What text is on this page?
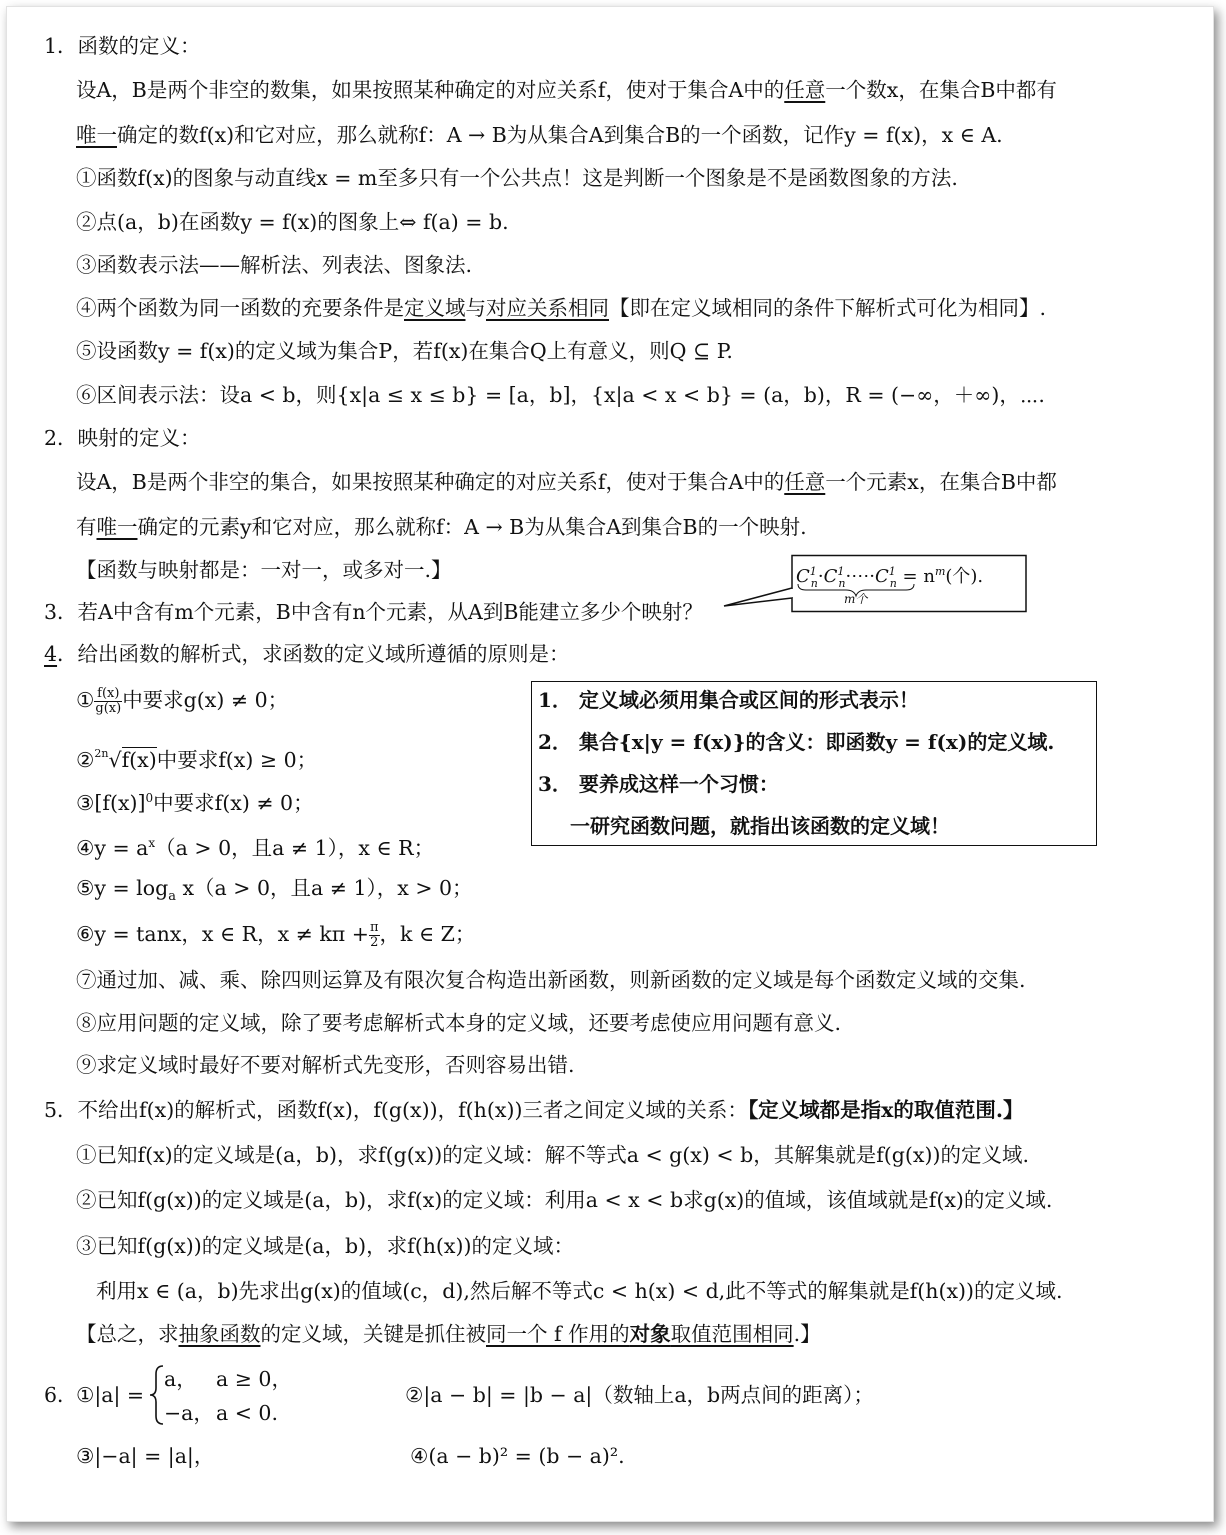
1．函数的定义：
设A，B是两个非空的数集，如果按照某种确定的对应关系f，使对于集合A中的任意一个数x，在集合B中都有
唯一确定的数f(x)和它对应，那么就称f：A → B为从集合A到集合B的一个函数，记作y = f(x)，x ∈ A.
①函数f(x)的图象与动直线x = m至多只有一个公共点！这是判断一个图象是不是函数图象的方法.
②点(a，b)在函数y = f(x)的图象上⇔ f(a) = b.
③函数表示法——解析法、列表法、图象法.
④两个函数为同一函数的充要条件是定义域与对应关系相同【即在定义域相同的条件下解析式可化为相同】.
⑤设函数y = f(x)的定义域为集合P，若f(x)在集合Q上有意义，则Q ⊆ P.
⑥区间表示法：设a < b，则{x|a ≤ x ≤ b} = [a，b]，{x|a < x < b} = (a，b)，R = (−∞，＋∞)，⋯.
2．映射的定义：
设A，B是两个非空的集合，如果按照某种确定的对应关系f，使对于集合A中的任意一个元素x，在集合B中都
有唯一确定的元素y和它对应，那么就称f：A → B为从集合A到集合B的一个映射.
【函数与映射都是：一对一，或多对一.】
3．若A中含有m个元素，B中含有n个元素，从A到B能建立多少个映射？
$C^1_n\cdot C^1_n\cdot\cdots\cdot C^1_n = n^m$(个).
m个
4．给出函数的解析式，求函数的定义域所遵循的原则是：
① $\frac{f(x)}{g(x)}$ 中要求g(x) ≠ 0；
②$^{2n}$√f(x)中要求f(x) ≥ 0；
$③[f(x)]^0$中要求f(x) ≠ 0；
④y = $a^x(a > 0$，且a ≠ 1），x ∈ R；
⑤y = $\log_a x(a > 0$，且a ≠ 1），x > 0；
⑥y = tanx，x ∈ R，$x \ne k\pi + \frac{\pi}{2}$ ，k ∈ Z；
⑦通过加、减、乘、除四则运算及有限次复合构造出新函数，则新函数的定义域是每个函数定义域的交集.
⑧应用问题的定义域，除了要考虑解析式本身的定义域，还要考虑使应用问题有意义.
⑨求定义域时最好不要对解析式先变形，否则容易出错.
1． 定义域必须用集合或区间的形式表示！
2． 集合{x|y = f(x)}的含义：即函数y = f(x)的定义域.
3． 要养成这样一个习惯：
一研究函数问题，就指出该函数的定义域！
5．不给出f(x)的解析式，函数f(x)，f(g(x))，f(h(x))三者之间定义域的关系：【定义域都是指x的取值范围.】
①已知f(x)的定义域是(a，b)，求f(g(x))的定义域：解不等式a < g(x) < b，其解集就是f(g(x))的定义域.
②已知f(g(x))的定义域是(a，b)，求f(x)的定义域：利用a < x < b求g(x)的值域，该值域就是f(x)的定义域.
③已知f(g(x))的定义域是(a，b)，求f(h(x))的定义域：
利用x ∈ (a，b)先求出g(x)的值域(c，d),然后解不等式c < h(x) < d,此不等式的解集就是f(h(x))的定义域.
【总之，求抽象函数的定义域，关键是抓住被同一个 f 作用的对象取值范围相同.】
6．
①|a| =
a， a ≥ 0，
−a， a < 0.
②|a − b| = |b − a|（数轴上a，b两点间的距离）；
③|−a| = |a|，	④(a − b)² = (b − a)².
